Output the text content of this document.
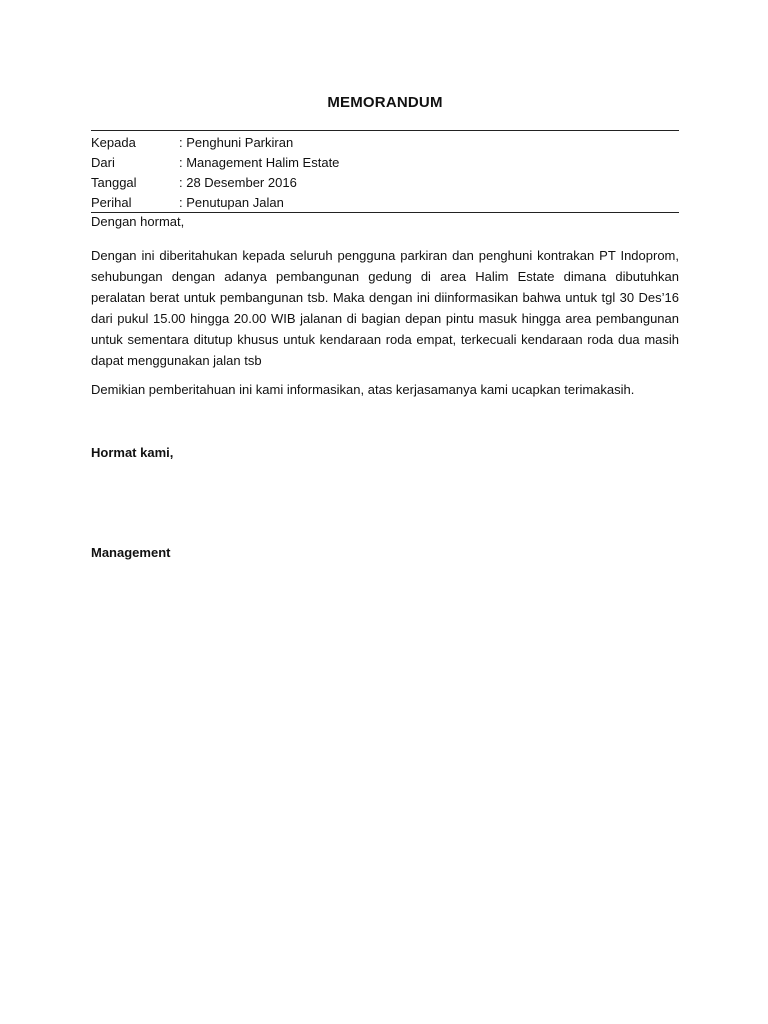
MEMORANDUM
Kepada	: Penghuni Parkiran
Dari	: Management Halim Estate
Tanggal	: 28 Desember 2016
Perihal	: Penutupan Jalan
Dengan hormat,

Dengan ini diberitahukan kepada seluruh pengguna parkiran dan penghuni kontrakan PT Indoprom, sehubungan dengan adanya pembangunan gedung di area Halim Estate dimana dibutuhkan peralatan berat untuk pembangunan tsb. Maka dengan ini diinformasikan bahwa untuk tgl 30 Des’16 dari pukul 15.00 hingga 20.00 WIB jalanan di bagian depan pintu masuk hingga area pembangunan untuk sementara ditutup khusus untuk kendaraan roda empat, terkecuali kendaraan roda dua masih dapat menggunakan jalan tsb

Demikian pemberitahuan ini kami informasikan, atas kerjasamanya kami ucapkan terimakasih.

Hormat kami,
Management
